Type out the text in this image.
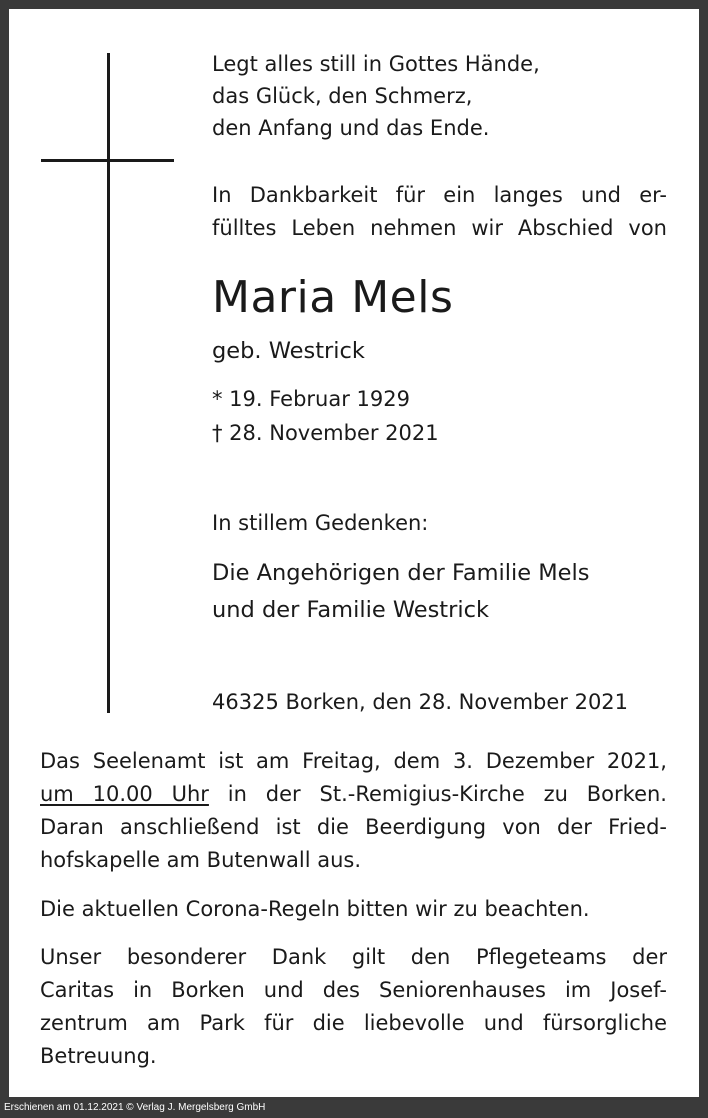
Legt alles still in Gottes Hände,
das Glück, den Schmerz,
den Anfang und das Ende.
In Dankbarkeit für ein langes und er-
fülltes Leben nehmen wir Abschied von
Maria Mels
geb. Westrick
* 19. Februar 1929
† 28. November 2021
In stillem Gedenken:
Die Angehörigen der Familie Mels
und der Familie Westrick
46325 Borken, den 28. November 2021
Das Seelenamt ist am Freitag, dem 3. Dezember 2021,
um 10.00 Uhr in der St.-Remigius-Kirche zu Borken.
Daran anschließend ist die Beerdigung von der Fried-
hofskapelle am Butenwall aus.
Die aktuellen Corona-Regeln bitten wir zu beachten.
Unser besonderer Dank gilt den Pflegeteams der
Caritas in Borken und des Seniorenhauses im Josef-
zentrum am Park für die liebevolle und fürsorgliche
Betreuung.
Erschienen am 01.12.2021 © Verlag J. Mergelsberg GmbH
